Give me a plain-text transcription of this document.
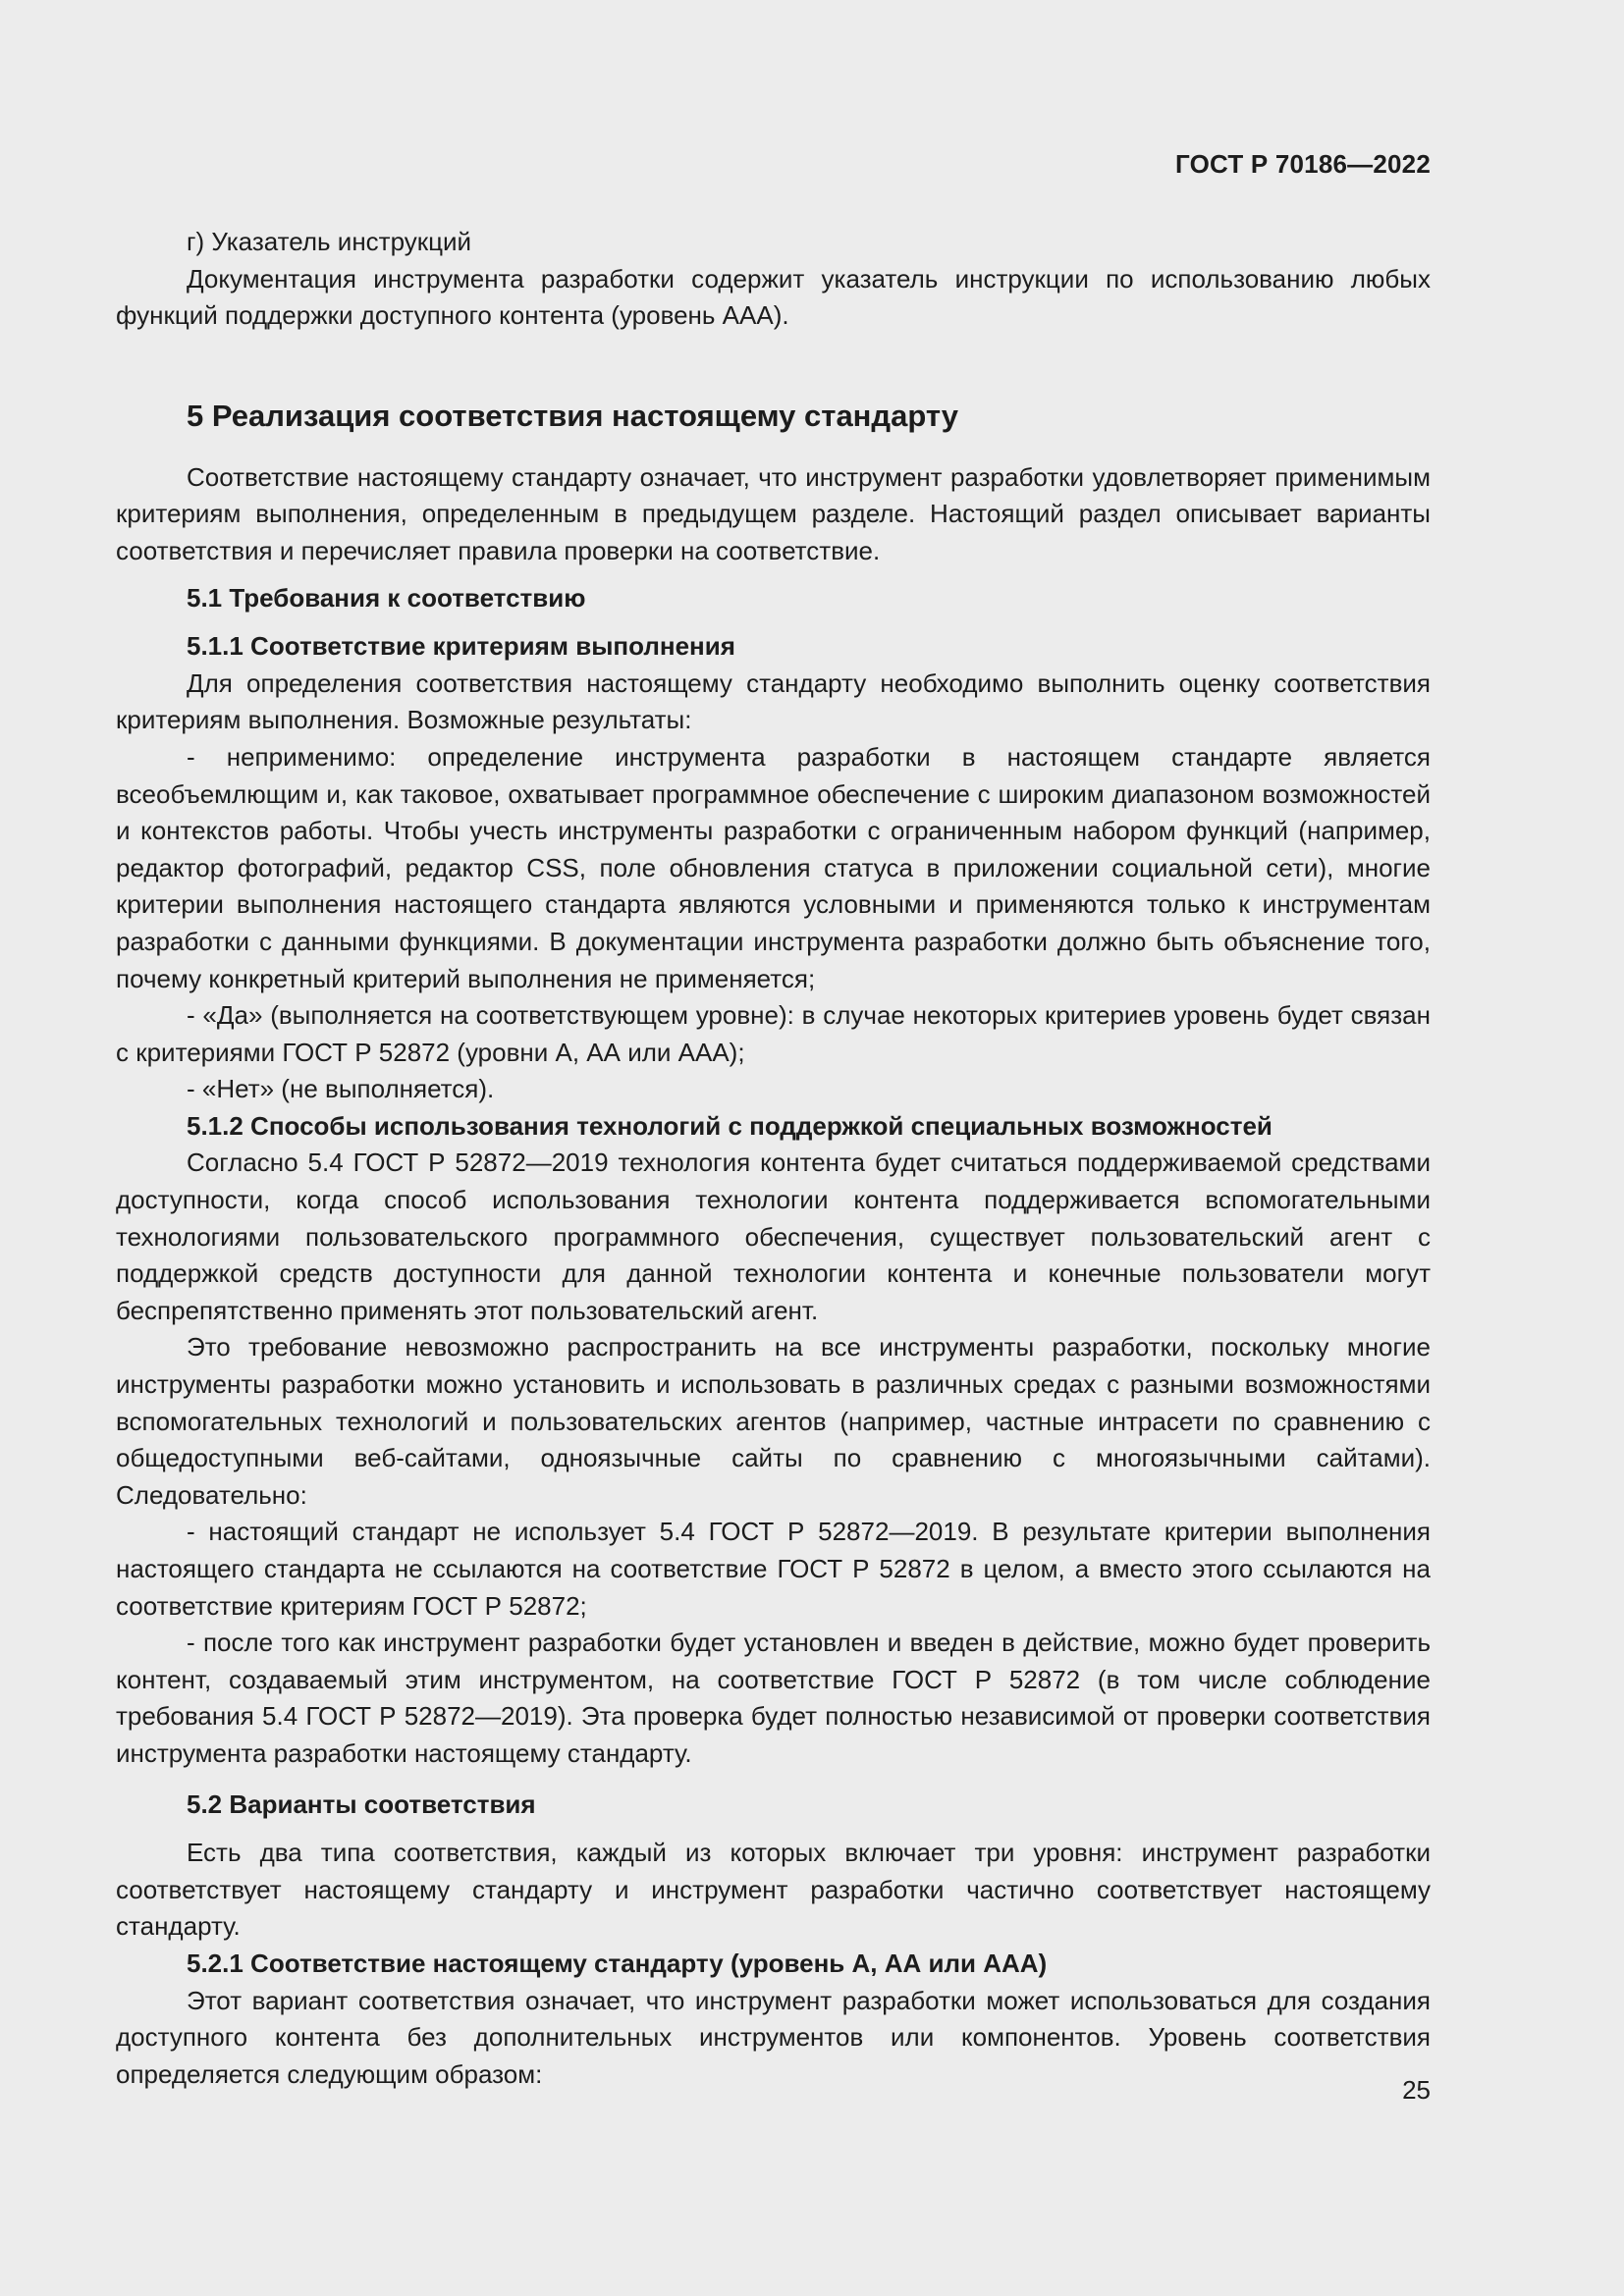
ГОСТ Р 70186—2022

г) Указатель инструкций

Документация инструмента разработки содержит указатель инструкции по использованию любых функций поддержки доступного контента (уровень ААА).

5 Реализация соответствия настоящему стандарту

Соответствие настоящему стандарту означает, что инструмент разработки удовлетворяет применимым критериям выполнения, определенным в предыдущем разделе. Настоящий раздел описывает варианты соответствия и перечисляет правила проверки на соответствие.

5.1 Требования к соответствию

5.1.1 Соответствие критериям выполнения

Для определения соответствия настоящему стандарту необходимо выполнить оценку соответствия критериям выполнения. Возможные результаты:

- неприменимо: определение инструмента разработки в настоящем стандарте является всеобъемлющим и, как таковое, охватывает программное обеспечение с широким диапазоном возможностей и контекстов работы. Чтобы учесть инструменты разработки с ограниченным набором функций (например, редактор фотографий, редактор CSS, поле обновления статуса в приложении социальной сети), многие критерии выполнения настоящего стандарта являются условными и применяются только к инструментам разработки с данными функциями. В документации инструмента разработки должно быть объяснение того, почему конкретный критерий выполнения не применяется;

- «Да» (выполняется на соответствующем уровне): в случае некоторых критериев уровень будет связан с критериями ГОСТ Р 52872 (уровни А, АА или ААА);

- «Нет» (не выполняется).

5.1.2 Способы использования технологий с поддержкой специальных возможностей

Согласно 5.4 ГОСТ Р 52872—2019 технология контента будет считаться поддерживаемой средствами доступности, когда способ использования технологии контента поддерживается вспомогательными технологиями пользовательского программного обеспечения, существует пользовательский агент с поддержкой средств доступности для данной технологии контента и конечные пользователи могут беспрепятственно применять этот пользовательский агент.

Это требование невозможно распространить на все инструменты разработки, поскольку многие инструменты разработки можно установить и использовать в различных средах с разными возможностями вспомогательных технологий и пользовательских агентов (например, частные интрасети по сравнению с общедоступными веб-сайтами, одноязычные сайты по сравнению с многоязычными сайтами). Следовательно:

- настоящий стандарт не использует 5.4 ГОСТ Р 52872—2019. В результате критерии выполнения настоящего стандарта не ссылаются на соответствие ГОСТ Р 52872 в целом, а вместо этого ссылаются на соответствие критериям ГОСТ Р 52872;

- после того как инструмент разработки будет установлен и введен в действие, можно будет проверить контент, создаваемый этим инструментом, на соответствие ГОСТ Р 52872 (в том числе соблюдение требования 5.4 ГОСТ Р 52872—2019). Эта проверка будет полностью независимой от проверки соответствия инструмента разработки настоящему стандарту.

5.2 Варианты соответствия

Есть два типа соответствия, каждый из которых включает три уровня: инструмент разработки соответствует настоящему стандарту и инструмент разработки частично соответствует настоящему стандарту.

5.2.1 Соответствие настоящему стандарту (уровень А, АА или ААА)

Этот вариант соответствия означает, что инструмент разработки может использоваться для создания доступного контента без дополнительных инструментов или компонентов. Уровень соответствия определяется следующим образом:

25
